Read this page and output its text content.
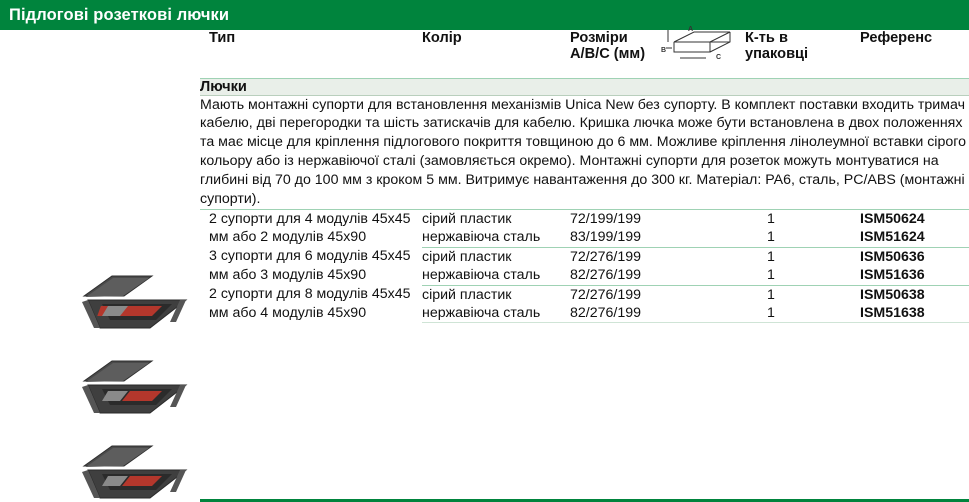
Підлогові розеткові лючки
Тип	Колір	Розміри
А/В/С (мм)
A
B
C	К-ть в
упаковці	Референс
Лючки				
Мають монтажні супорти для встановлення механізмів Unica New без супорту. В комплект поставки входить тримач кабелю, дві перегородки та шість затискачів для кабелю. Кришка лючка може бути встановлена в двох положеннях та має місце для кріплення підлогового покриття товщиною до 6 мм. Можливе кріплення лінолеумної вставки сірого кольору або із нержавіючої сталі (замовляється окремо). Монтажні супорти для розеток можуть монтуватися на глибині від 70 до 100 мм з кроком 5 мм. Витримує навантаження до 300 кг. Матеріал: PA6, сталь, PC/ABS (монтажні супорти).				
2 супорти для 4 модулів 45х45 мм або 2 модулів 45х90	сірий пластик	72/199/199	1	ISM50624
	нержавіюча сталь	83/199/199	1	ISM51624
3 супорти для 6 модулів 45х45 мм або 3 модулів 45х90	сірий пластик	72/276/199	1	ISM50636
	нержавіюча сталь	82/276/199	1	ISM51636
2 супорти для 8 модулів 45х45 мм або 4 модулів 45х90	сірий пластик	72/276/199	1	ISM50638
	нержавіюча сталь	82/276/199	1	ISM51638
